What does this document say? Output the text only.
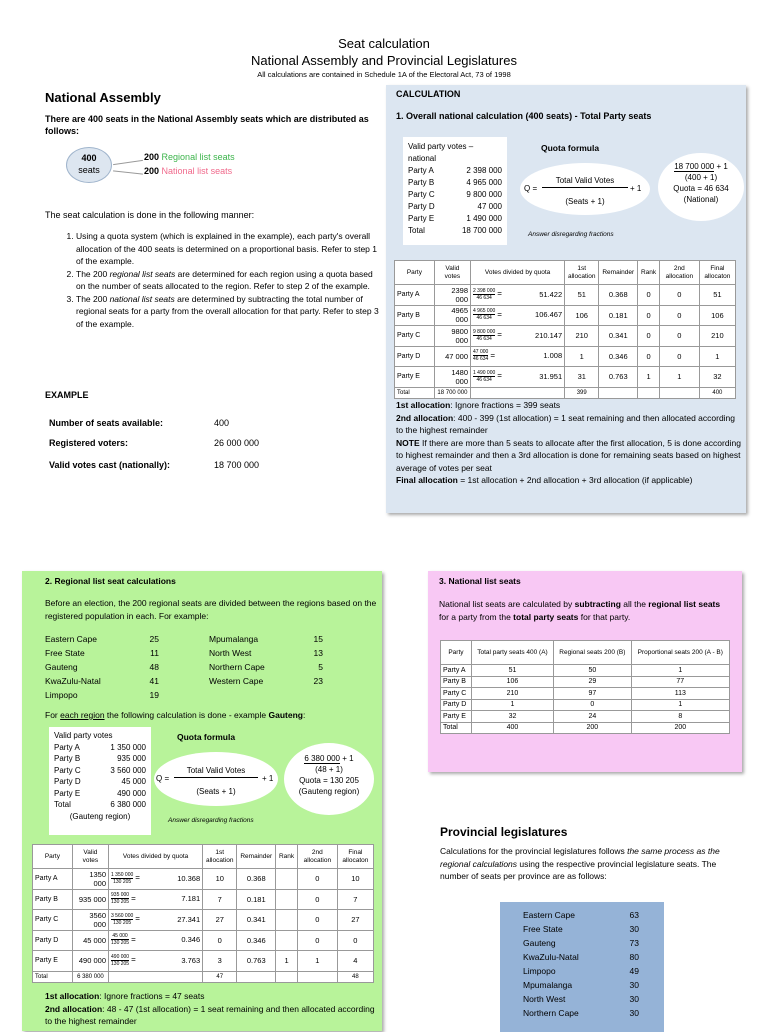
Seat calculation
National Assembly and Provincial Legislatures
All calculations are contained in Schedule 1A of the Electoral Act, 73 of 1998
National Assembly
There are 400 seats in the National Assembly seats which are distributed as follows:
400
seats
200 Regional list seats
200 National list seats
The seat calculation is done in the following manner:
1. Using a quota system (which is explained in the example), each party's overall allocation of the 400 seats is determined on a proportional basis. Refer to step 1 of the example.
2. The 200 regional list seats are determined for each region using a quota based on the number of seats allocated to the region. Refer to step 2 of the example.
3. The 200 national list seats are determined by subtracting the total number of regional seats for a party from the overall allocation for that party. Refer to step 3 of the example.
EXAMPLE
Number of seats available:	400
Registered voters:	26 000 000
Valid votes cast (nationally):	18 700 000
CALCULATION
1. Overall national calculation (400 seats) - Total Party seats
Valid party votes – national
Party A	2 398 000
Party B	4 965 000
Party C	9 800 000
Party D	47 000
Party E	1 490 000
Total	18 700 000
Quota formula
Q =
Total Valid Votes
(Seats + 1)
+ 1
18 700 000 + 1
(400 + 1)
Quota = 46 634
(National)
Answer disregarding fractions
Party	Valid votes	Votes divided by quota	1st allocation	Remainder	Rank	2nd allocation	Final allocaton
Party A	2398 000	$\frac{2 398 000}{46 634} = 51.422$	51	0.368	0	0	51
Party B	4965 000	$\frac{4 965 000}{46 634} = 106.467$	106	0.181	0	0	106
Party C	9800 000	$\frac{9 800 000}{46 634} = 210.147$	210	0.341	0	0	210
Party D	47 000	$\frac{47 000}{46 634} = 1.008$	1	0.346	0	0	1
Party E	1480 000	$\frac{1 490 000}{46 634} = 31.951$	31	0.763	1	1	32
Total	18 700 000		399				400
1st allocation: Ignore fractions = 399 seats
2nd allocation: 400 - 399 (1st allocation) = 1 seat remaining and then allocated according to the highest remainder
NOTE If there are more than 5 seats to allocate after the first allocation, 5 is done according to highest remainder and then a 3rd allocation is done for remaining seats based on highest average of votes per seat
Final allocation = 1st allocation + 2nd allocation + 3rd allocation (if applicable)
2. Regional list seat calculations
Before an election, the 200 regional seats are divided between the regions based on the registered population in each. For example:
Eastern Cape	25
Free State	11
Gauteng	48
KwaZulu-Natal	41
Limpopo	19
Mpumalanga	15
North West	13
Northern Cape	5
Western Cape	23
For each region the following calculation is done - example Gauteng:
Valid party votes
Party A	1 350 000
Party B	935 000
Party C	3 560 000
Party D	45 000
Party E	490 000
Total	6 380 000
(Gauteng region)
Quota formula
Q =
Total Valid Votes
(Seats + 1)
+ 1
6 380 000 + 1
(48 + 1)
Quota = 130 205
(Gauteng region)
Answer disregarding fractions
Party	Valid votes	Votes divided by quota	1st allocation	Remainder	Rank	2nd allocation	Final allocaton
Party A	1350 000	$\frac{1 350 000}{130 205} = 10.368$	10	0.368		0	10
Party B	935 000	$\frac{935 000}{130 205} = 7.181$	7	0.181		0	7
Party C	3560 000	$\frac{3 560 000}{130 205} = 27.341$	27	0.341		0	27
Party D	45 000	$\frac{45 000}{130 205} = 0.346$	0	0.346		0	0
Party E	490 000	$\frac{490 000}{130 205} = 3.763$	3	0.763	1	1	4
Total	6 380 000		47				48
1st allocation: Ignore fractions = 47 seats
2nd allocation: 48 - 47 (1st allocation) = 1 seat remaining and then allocated according to the highest remainder
3. National list seats
National list seats are calculated by subtracting all the regional list seats for a party from the total party seats for that party.
Party	Total party seats 400 (A)	Regional seats 200 (B)	Proportional seats 200 (A - B)
Party A	51	50	1
Party B	106	29	77
Party C	210	97	113
Party D	1	0	1
Party E	32	24	8
Total	400	200	200
Provincial legislatures
Calculations for the provincial legislatures follows the same process as the regional calculations using the respective provincial legislature seats. The number of seats per province are as follows:
Eastern Cape	63
Free State	30
Gauteng	73
KwaZulu-Natal	80
Limpopo	49
Mpumalanga	30
North West	30
Northern Cape	30
